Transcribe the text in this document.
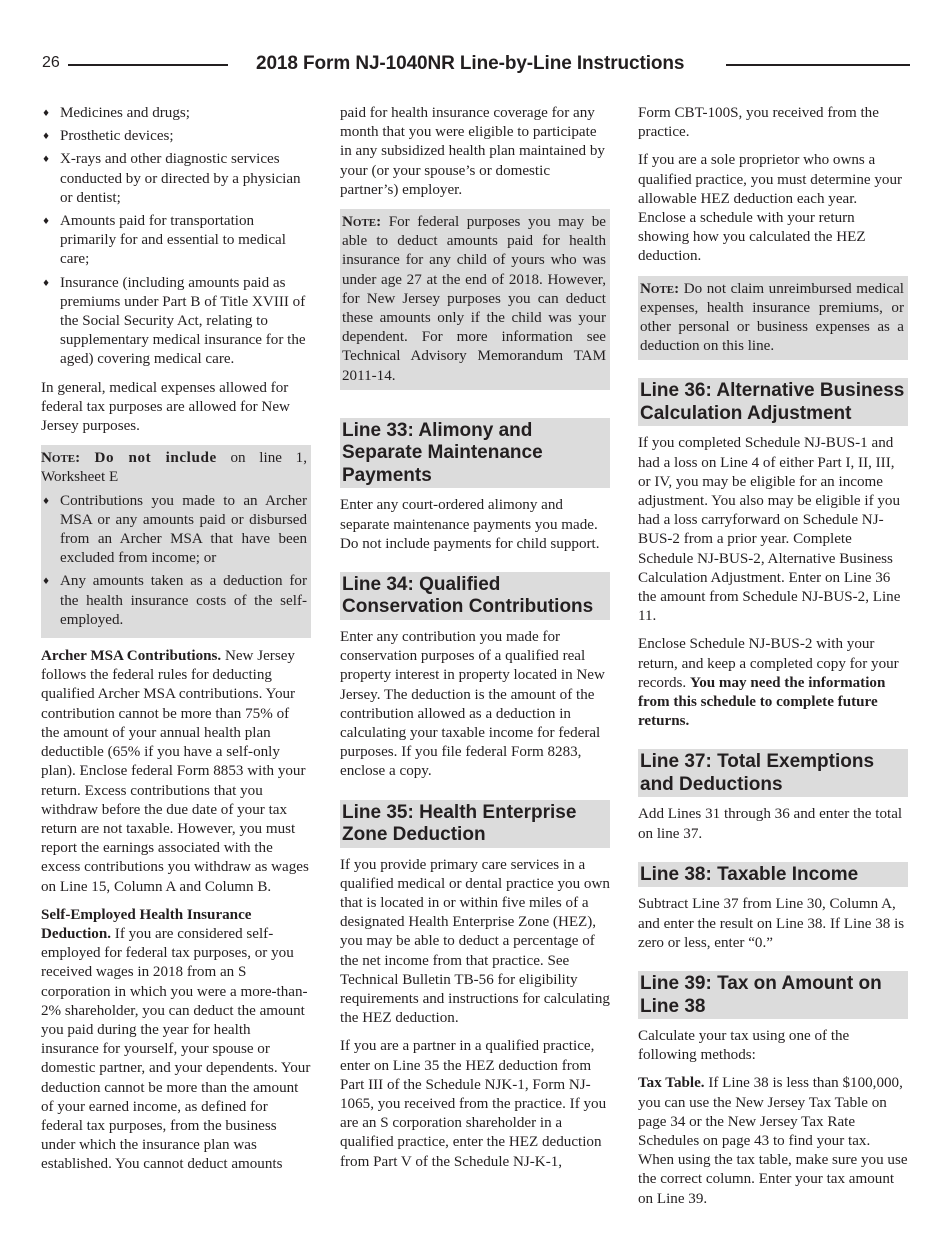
26	2018 Form NJ-1040NR Line-by-Line Instructions
♦ Medicines and drugs;
♦ Prosthetic devices;
♦ X-rays and other diagnostic services conducted by or directed by a physician or dentist;
♦ Amounts paid for transportation primarily for and essential to medical care;
♦ Insurance (including amounts paid as premiums under Part B of Title XVIII of the Social Security Act, relating to supplementary medical insurance for the aged) covering medical care.

In general, medical expenses allowed for federal tax purposes are allowed for New Jersey purposes.

Note: Do not include on line 1, Worksheet E

♦ Contributions you made to an Archer MSA or any amounts paid or disbursed from an Archer MSA that have been excluded from income; or
♦ Any amounts taken as a deduction for the health insurance costs of the self-employed.

Archer MSA Contributions. New Jersey follows the federal rules for deducting qualified Archer MSA contributions. Your contribution cannot be more than 75% of the amount of your annual health plan deductible (65% if you have a self-only plan). Enclose federal Form 8853 with your return. Excess contributions that you withdraw before the due date of your tax return are not taxable. However, you must report the earnings associated with the excess contributions you withdraw as wages on Line 15, Column A and Column B.

Self-Employed Health Insurance Deduction. If you are considered self-employed for federal tax purposes, or you received wages in 2018 from an S corporation in which you were a more-than-2% shareholder, you can deduct the amount you paid during the year for health insurance for yourself, your spouse or domestic partner, and your dependents. Your deduction cannot be more than the amount of your earned income, as defined for federal tax purposes, from the business under which the insurance plan was established. You cannot deduct amounts

paid for health insurance coverage for any month that you were eligible to participate in any subsidized health plan maintained by your (or your spouse’s or domestic partner’s) employer.

Note: For federal purposes you may be able to deduct amounts paid for health insurance for any child of yours who was under age 27 at the end of 2018. However, for New Jersey purposes you can deduct these amounts only if the child was your dependent. For more information see Technical Advisory Memorandum TAM 2011-14.

Line 33: Alimony and Separate Maintenance Payments

Enter any court-ordered alimony and separate maintenance payments you made. Do not include payments for child support.

Line 34: Qualified Conservation Contributions

Enter any contribution you made for conservation purposes of a qualified real property interest in property located in New Jersey. The deduction is the amount of the contribution allowed as a deduction in calculating your taxable income for federal purposes. If you file federal Form 8283, enclose a copy.

Line 35: Health Enterprise Zone Deduction

If you provide primary care services in a qualified medical or dental practice you own that is located in or within five miles of a designated Health Enterprise Zone (HEZ), you may be able to deduct a percentage of the net income from that practice. See Technical Bulletin TB-56 for eligibility requirements and instructions for calculating the HEZ deduction.

If you are a partner in a qualified practice, enter on Line 35 the HEZ deduction from Part III of the Schedule NJK-1, Form NJ-1065, you received from the practice. If you are an S corporation shareholder in a qualified practice, enter the HEZ deduction from Part V of the Schedule NJ-K-1,

Form CBT-100S, you received from the practice.

If you are a sole proprietor who owns a qualified practice, you must determine your allowable HEZ deduction each year. Enclose a schedule with your return showing how you calculated the HEZ deduction.

Note: Do not claim unreimbursed medical expenses, health insurance premiums, or other personal or business expenses as a deduction on this line.

Line 36: Alternative Business Calculation Adjustment

If you completed Schedule NJ-BUS-1 and had a loss on Line 4 of either Part I, II, III, or IV, you may be eligible for an income adjustment. You also may be eligible if you had a loss carryforward on Schedule NJ-BUS-2 from a prior year. Complete Schedule NJ-BUS-2, Alternative Business Calculation Adjustment. Enter on Line 36 the amount from Schedule NJ-BUS-2, Line 11.

Enclose Schedule NJ-BUS-2 with your return, and keep a completed copy for your records. You may need the information from this schedule to complete future returns.

Line 37: Total Exemptions and Deductions

Add Lines 31 through 36 and enter the total on line 37.

Line 38: Taxable Income

Subtract Line 37 from Line 30, Column A, and enter the result on Line 38. If Line 38 is zero or less, enter “0.”

Line 39: Tax on Amount on Line 38

Calculate your tax using one of the following methods:

Tax Table. If Line 38 is less than $100,000, you can use the New Jersey Tax Table on page 34 or the New Jersey Tax Rate Schedules on page 43 to find your tax. When using the tax table, make sure you use the correct column. Enter your tax amount on Line 39.
